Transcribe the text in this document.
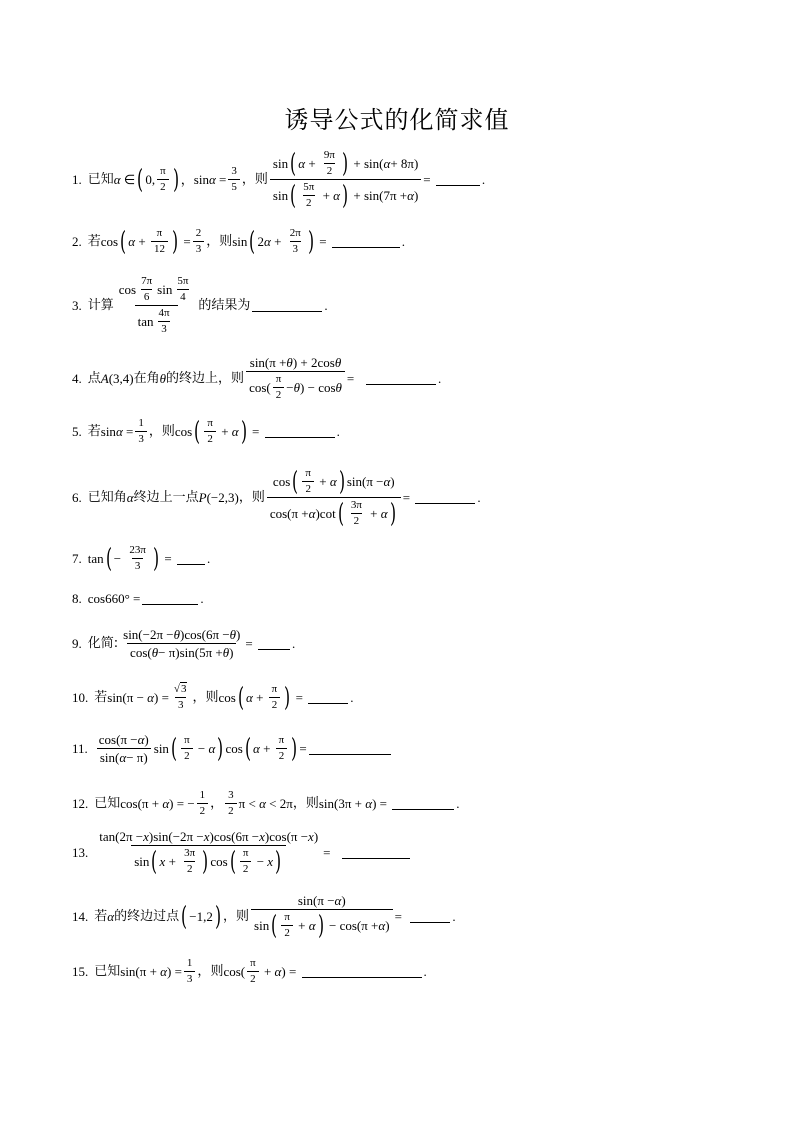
诱导公式的化简求值
1. 已知 α ∈ ( 0, $\frac{\pi}{2}$ ) ，$\sin\alpha = \frac{3}{5}$ ， 则 $\frac{\sin ( \alpha + \frac{9\pi}{2} ) + \sin( \alpha + 8\pi)}{\sin ( \frac{5\pi}{2} + \alpha ) + \sin(7\pi + \alpha )}$ =	.
2. 若 cos ( $\alpha + \frac{\pi}{12}$ ) = $\frac{2}{3}$ ， 则 sin ( $2\alpha + \frac{2\pi}{3}$ ) =	.
3. 计算 $\frac{\cos \frac{7\pi}{6} \sin \frac{5\pi}{4}}{\tan \frac{4\pi}{3}}$ 的结果为	.
4. 点 A(3,4) 在角 θ 的终边上，则 $\frac{\text{sin(π + θ ) + 2cos θ}}{\cos( \frac{\pi}{2} - \theta ) - \cos \theta}$ =	.
5. 若 $\sin\alpha = \frac{1}{3}$ ， 则 cos ( $\frac{\pi}{2} + \alpha$ ) =	.
6. 已知角 α 终边上一点 P(−2,3) ，则 $\frac{\cos ( \frac{\pi}{2} + \alpha ) \sin(\pi - \alpha )}{\cos(\pi + \alpha )\cot ( \frac{3\pi}{2} + \alpha )}$ =	.
7. tan ( − $\frac{23\pi}{3}$ ) = .
8. cos660° =	.
9. 化简: $\frac{\sin(-2\pi - \theta )\cos(6\pi - \theta )}{\cos( \theta - \pi)\sin(5\pi + \theta )}$ =	.
10. 若 $\sin(\pi - \alpha) = \frac{√3}{3}$ ， 则 cos ( $\alpha + \frac{\pi}{2}$ ) =	.
11. $\frac{\cos(\pi - \alpha )}{\sin( \alpha - \pi)}$ sin ( $\frac{\pi}{2} - \alpha$ ) cos ( $\alpha + \frac{\pi}{2}$ ) =
12. 已知 cos(π + α) = − $\frac{1}{2}$ ， $\frac{3}{2}$ π < α < 2π ， 则 sin(3π + α) =	.
13. $\frac{\tan(2\pi - x )\sin(-2\pi - x )\cos(6\pi - x )\cos(\pi - x )}{\sin ( x + \frac{3\pi}{2} ) \cos ( \frac{\pi}{2} - x )}$ =
14. 若 α 的终边过点 ( −1,2 ) ，则 $\frac{\sin(\pi - \alpha )}{\sin ( \frac{\pi}{2} + \alpha ) - \cos(\pi + \alpha )}$ =	.
15. 已知 $\sin(\pi + \alpha) = \frac{1}{3}$ ， 则 $\cos( \frac{\pi}{2} + \alpha)$ =	.
